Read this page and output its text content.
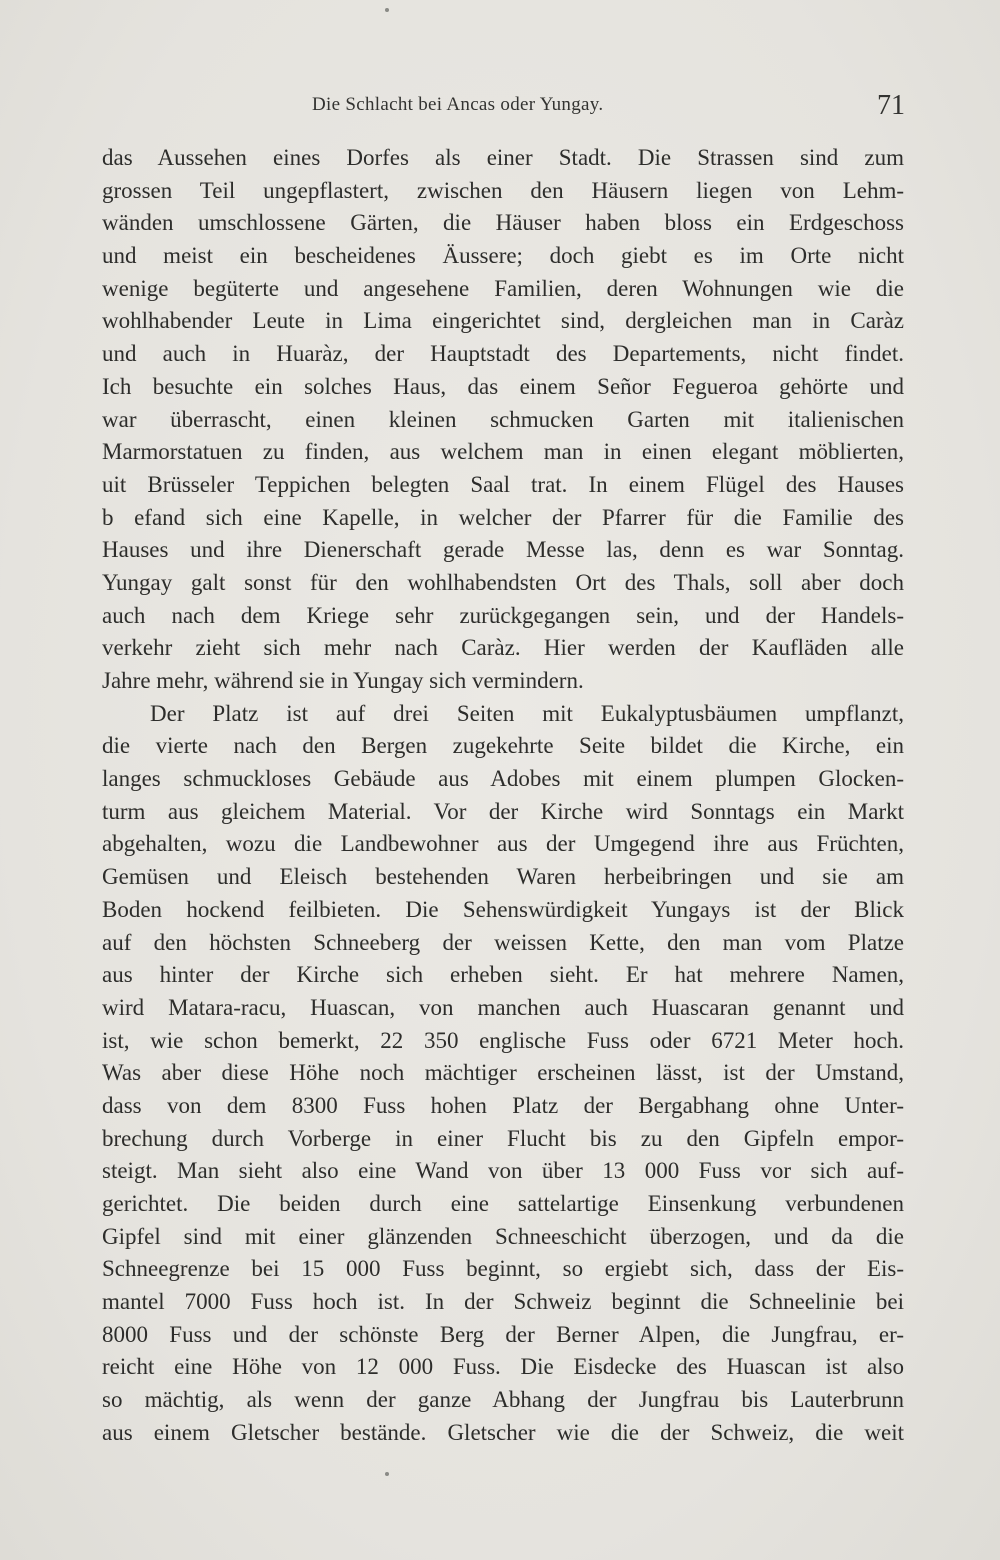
Die Schlacht bei Ancas oder Yungay.	71
das Aussehen eines Dorfes als einer Stadt. Die Strassen sind zum
grossen Teil ungepflastert, zwischen den Häusern liegen von Lehm-
wänden umschlossene Gärten, die Häuser haben bloss ein Erdgeschoss
und meist ein bescheidenes Äussere; doch giebt es im Orte nicht
wenige begüterte und angesehene Familien, deren Wohnungen wie die
wohlhabender Leute in Lima eingerichtet sind, dergleichen man in Caràz
und auch in Huaràz, der Hauptstadt des Departements, nicht findet.
Ich besuchte ein solches Haus, das einem Señor Fegueroa gehörte und
war überrascht, einen kleinen schmucken Garten mit italienischen
Marmorstatuen zu finden, aus welchem man in einen elegant möblierten,
uit Brüsseler Teppichen belegten Saal trat. In einem Flügel des Hauses
b efand sich eine Kapelle, in welcher der Pfarrer für die Familie des
Hauses und ihre Dienerschaft gerade Messe las, denn es war Sonntag.
Yungay galt sonst für den wohlhabendsten Ort des Thals, soll aber doch
auch nach dem Kriege sehr zurückgegangen sein, und der Handels-
verkehr zieht sich mehr nach Caràz. Hier werden der Kaufläden alle
Jahre mehr, während sie in Yungay sich vermindern.
Der Platz ist auf drei Seiten mit Eukalyptusbäumen umpflanzt,
die vierte nach den Bergen zugekehrte Seite bildet die Kirche, ein
langes schmuckloses Gebäude aus Adobes mit einem plumpen Glocken-
turm aus gleichem Material. Vor der Kirche wird Sonntags ein Markt
abgehalten, wozu die Landbewohner aus der Umgegend ihre aus Früchten,
Gemüsen und Eleisch bestehenden Waren herbeibringen und sie am
Boden hockend feilbieten. Die Sehenswürdigkeit Yungays ist der Blick
auf den höchsten Schneeberg der weissen Kette, den man vom Platze
aus hinter der Kirche sich erheben sieht. Er hat mehrere Namen,
wird Matara-racu, Huascan, von manchen auch Huascaran genannt und
ist, wie schon bemerkt, 22 350 englische Fuss oder 6721 Meter hoch.
Was aber diese Höhe noch mächtiger erscheinen lässt, ist der Umstand,
dass von dem 8300 Fuss hohen Platz der Bergabhang ohne Unter-
brechung durch Vorberge in einer Flucht bis zu den Gipfeln empor-
steigt. Man sieht also eine Wand von über 13 000 Fuss vor sich auf-
gerichtet. Die beiden durch eine sattelartige Einsenkung verbundenen
Gipfel sind mit einer glänzenden Schneeschicht überzogen, und da die
Schneegrenze bei 15 000 Fuss beginnt, so ergiebt sich, dass der Eis-
mantel 7000 Fuss hoch ist. In der Schweiz beginnt die Schneelinie bei
8000 Fuss und der schönste Berg der Berner Alpen, die Jungfrau, er-
reicht eine Höhe von 12 000 Fuss. Die Eisdecke des Huascan ist also
so mächtig, als wenn der ganze Abhang der Jungfrau bis Lauterbrunn
aus einem Gletscher bestände. Gletscher wie die der Schweiz, die weit
